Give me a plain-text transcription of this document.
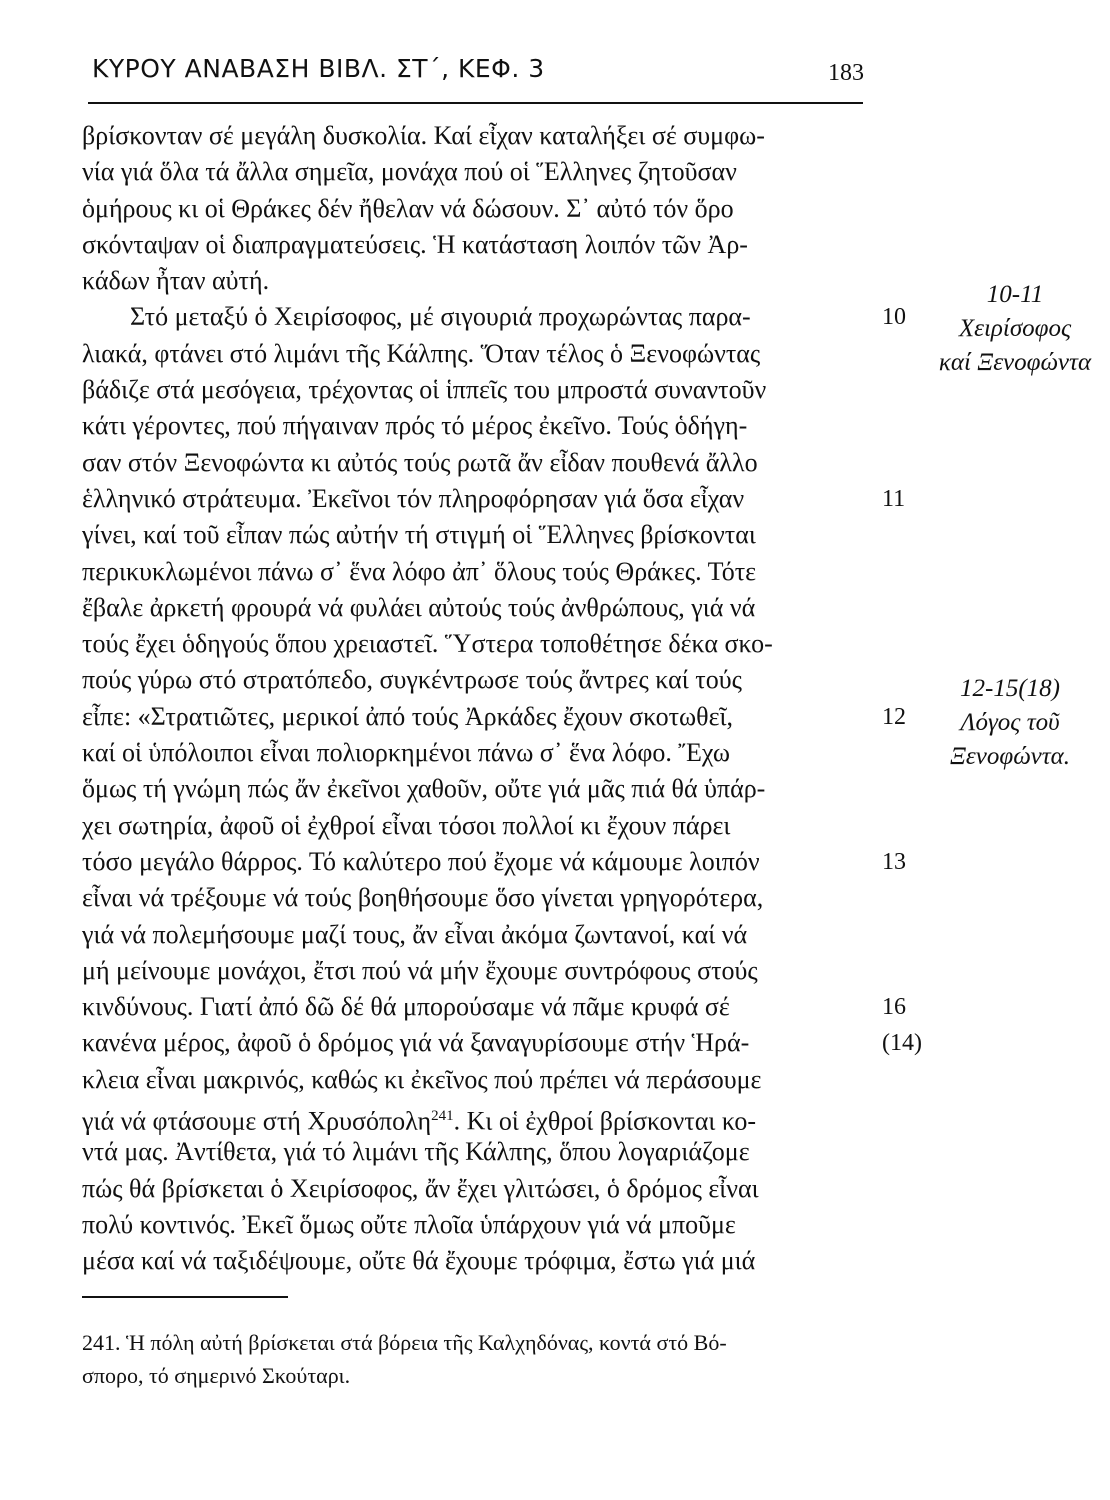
ΚΥΡΟΥ ΑΝΑΒΑΣΗ ΒΙΒΛ. ΣΤ΄, ΚΕΦ. 3	183
βρίσκονταν σέ μεγάλη δυσκολία. Καί εἶχαν καταλήξει σέ συμφω-
νία γιά ὅλα τά ἄλλα σημεῖα, μονάχα πού οἱ Ἕλληνες ζητοῦσαν
ὁμήρους κι οἱ Θράκες δέν ἤθελαν νά δώσουν. Σ᾿ αὐτό τόν ὅρο
σκόνταψαν οἱ διαπραγματεύσεις. Ἡ κατάσταση λοιπόν τῶν Ἀρ-
κάδων ἦταν αὐτή.
Στό μεταξύ ὁ Χειρίσοφος, μέ σιγουριά προχωρώντας παρα-	10
λιακά, φτάνει στό λιμάνι τῆς Κάλπης. Ὅταν τέλος ὁ Ξενοφώντας
βάδιζε στά μεσόγεια, τρέχοντας οἱ ἱππεῖς του μπροστά συναντοῦν
κάτι γέροντες, πού πήγαιναν πρός τό μέρος ἐκεῖνο. Τούς ὁδήγη-
σαν στόν Ξενοφώντα κι αὐτός τούς ρωτᾶ ἄν εἶδαν πουθενά ἄλλο
ἑλληνικό στράτευμα. Ἐκεῖνοι τόν πληροφόρησαν γιά ὅσα εἶχαν	11
γίνει, καί τοῦ εἶπαν πώς αὐτήν τή στιγμή οἱ Ἕλληνες βρίσκονται
περικυκλωμένοι πάνω σ᾿ ἕνα λόφο ἀπ᾿ ὅλους τούς Θράκες. Τότε
ἔβαλε ἀρκετή φρουρά νά φυλάει αὐτούς τούς ἀνθρώπους, γιά νά
τούς ἔχει ὁδηγούς ὅπου χρειαστεῖ. Ὕστερα τοποθέτησε δέκα σκο-
πούς γύρω στό στρατόπεδο, συγκέντρωσε τούς ἄντρες καί τούς
εἶπε: «Στρατιῶτες, μερικοί ἀπό τούς Ἀρκάδες ἔχουν σκοτωθεῖ,	12
καί οἱ ὑπόλοιποι εἶναι πολιορκημένοι πάνω σ᾿ ἕνα λόφο. Ἔχω
ὅμως τή γνώμη πώς ἄν ἐκεῖνοι χαθοῦν, οὔτε γιά μᾶς πιά θά ὑπάρ-
χει σωτηρία, ἀφοῦ οἱ ἐχθροί εἶναι τόσοι πολλοί κι ἔχουν πάρει
τόσο μεγάλο θάρρος. Τό καλύτερο πού ἔχομε νά κάμουμε λοιπόν	13
εἶναι νά τρέξουμε νά τούς βοηθήσουμε ὅσο γίνεται γρηγορότερα,
γιά νά πολεμήσουμε μαζί τους, ἄν εἶναι ἀκόμα ζωντανοί, καί νά
μή μείνουμε μονάχοι, ἔτσι πού νά μήν ἔχουμε συντρόφους στούς
κινδύνους. Γιατί ἀπό δῶ δέ θά μπορούσαμε νά πᾶμε κρυφά σέ	16
κανένα μέρος, ἀφοῦ ὁ δρόμος γιά νά ξαναγυρίσουμε στήν Ἡρά-	(14)
κλεια εἶναι μακρινός, καθώς κι ἐκεῖνος πού πρέπει νά περάσουμε
γιά νά φτάσουμε στή Χρυσόπολη$^{241}$. Κι οἱ ἐχθροί βρίσκονται κο-
ντά μας. Ἀντίθετα, γιά τό λιμάνι τῆς Κάλπης, ὅπου λογαριάζομε
πώς θά βρίσκεται ὁ Χειρίσοφος, ἄν ἔχει γλιτώσει, ὁ δρόμος εἶναι
πολύ κοντινός. Ἐκεῖ ὅμως οὔτε πλοῖα ὑπάρχουν γιά νά μποῦμε
μέσα καί νά ταξιδέψουμε, οὔτε θά ἔχουμε τρόφιμα, ἔστω γιά μιά
10-11
Χειρίσοφος
καί Ξενοφώντα
12-15(18)
Λόγος τοῦ
Ξενοφώντα.
241. Ἡ πόλη αὐτή βρίσκεται στά βόρεια τῆς Καλχηδόνας, κοντά στό Βό-
σπορο, τό σημερινό Σκούταρι.
